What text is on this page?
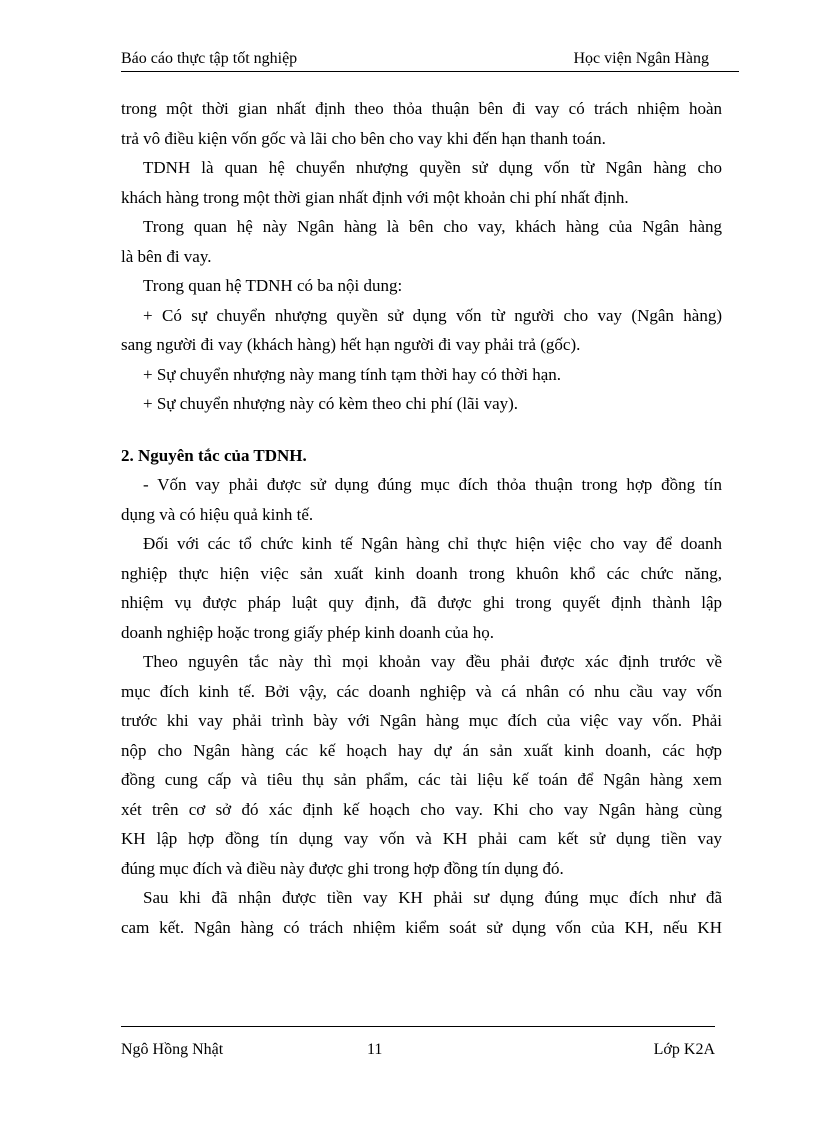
Báo cáo thực tập tốt nghiệp	Học viện Ngân Hàng
trong một thời gian nhất định theo thỏa thuận bên đi vay có trách nhiệm hoàn
trả vô điều kiện vốn gốc và lãi cho bên cho vay khi đến hạn thanh toán.
TDNH là quan hệ chuyển nhượng quyền sử dụng vốn từ Ngân hàng cho
khách hàng trong một thời gian nhất định với một khoản chi phí nhất định.
Trong quan hệ này Ngân hàng là bên cho vay, khách hàng của Ngân hàng
là bên đi vay.
Trong quan hệ TDNH có ba nội dung:
+ Có sự chuyển nhượng quyền sử dụng vốn từ người cho vay (Ngân hàng)
sang người đi vay (khách hàng) hết hạn người đi vay phải trả (gốc).
+ Sự chuyển nhượng này mang tính tạm thời hay có thời hạn.
+ Sự chuyển nhượng này có kèm theo chi phí (lãi vay).
2. Nguyên tắc của TDNH.
- Vốn vay phải được sử dụng đúng mục đích thỏa thuận trong hợp đồng tín
dụng và có hiệu quả kinh tế.
Đối với các tổ chức kinh tế Ngân hàng chỉ thực hiện việc cho vay để doanh
nghiệp thực hiện việc sản xuất kinh doanh trong khuôn khổ các chức năng,
nhiệm vụ được pháp luật quy định, đã được ghi trong quyết định thành lập
doanh nghiệp hoặc trong giấy phép kinh doanh của họ.
Theo nguyên tắc này thì mọi khoản vay đều phải được xác định trước về
mục đích kinh tế. Bởi vậy, các doanh nghiệp và cá nhân có nhu cầu vay vốn
trước khi vay phải trình bày với Ngân hàng mục đích của việc vay vốn. Phải
nộp cho Ngân hàng các kế hoạch hay dự án sản xuất kinh doanh, các hợp
đồng cung cấp và tiêu thụ sản phẩm, các tài liệu kế toán để Ngân hàng xem
xét trên cơ sở đó xác định kế hoạch cho vay. Khi cho vay Ngân hàng cùng
KH lập hợp đồng tín dụng vay vốn và KH phải cam kết sử dụng tiền vay
đúng mục đích và điều này được ghi trong hợp đồng tín dụng đó.
Sau khi đã nhận được tiền vay KH phải sư dụng đúng mục đích như đã
cam kết. Ngân hàng có trách nhiệm kiểm soát sử dụng vốn của KH, nếu KH
Ngô Hồng Nhật	11	Lớp K2A
